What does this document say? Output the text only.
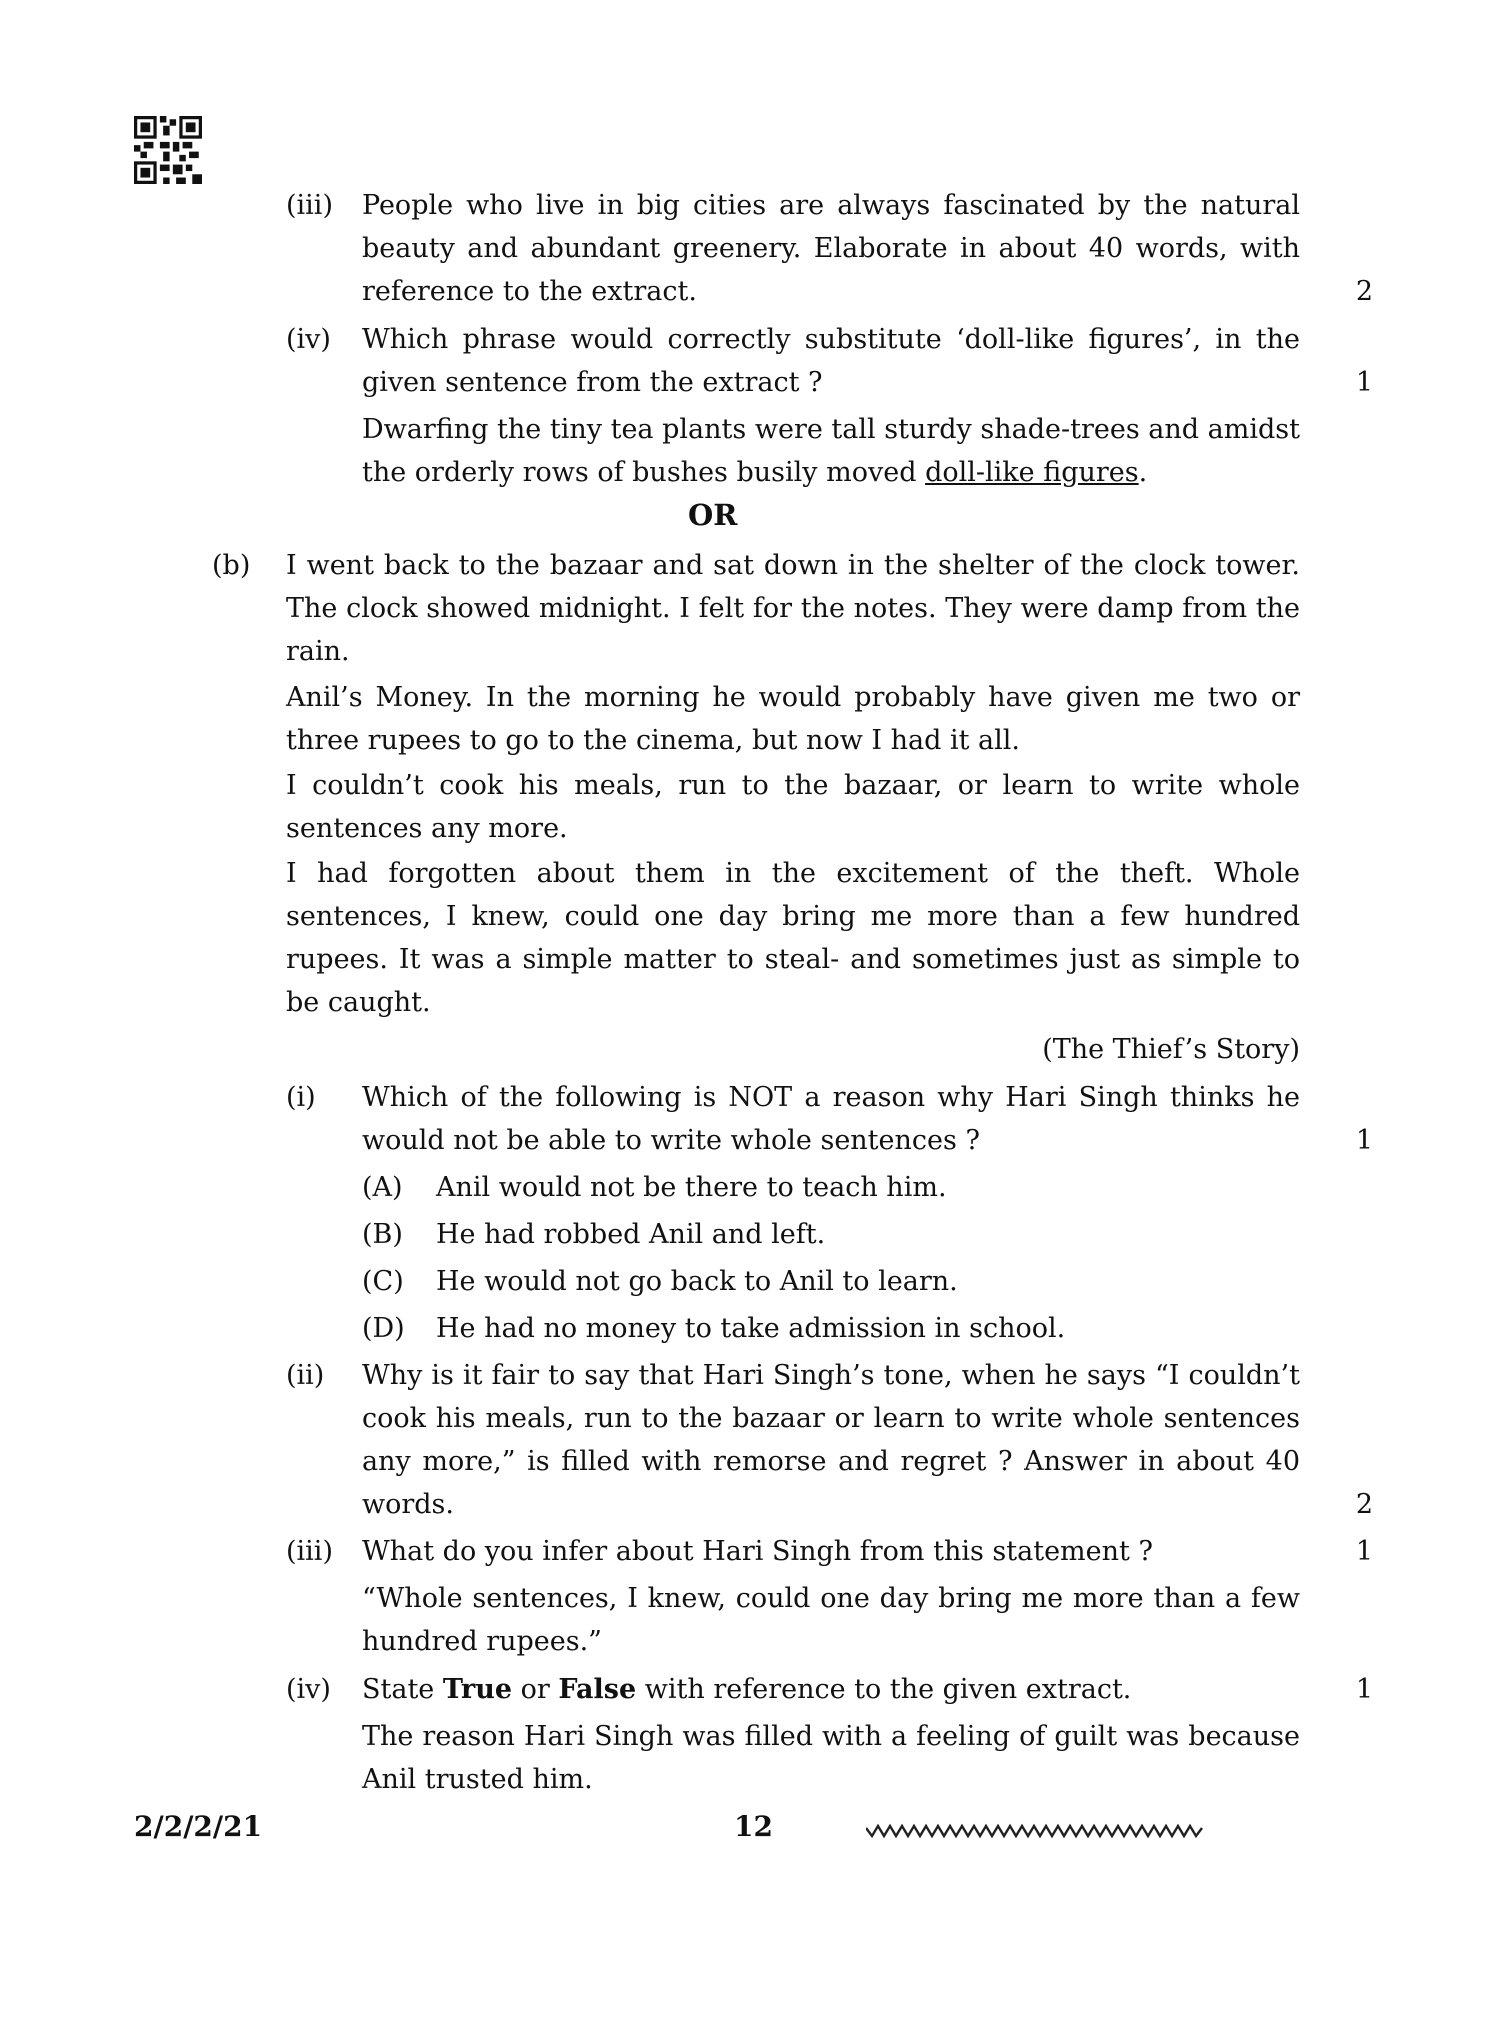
(iii) People who live in big cities are always fascinated by the natural beauty and abundant greenery. Elaborate in about 40 words, with reference to the extract.	2
(iv) Which phrase would correctly substitute ‘doll-like figures’, in the given sentence from the extract ?	1
Dwarfing the tiny tea plants were tall sturdy shade-trees and amidst the orderly rows of bushes busily moved doll-like figures.
OR
(b) I went back to the bazaar and sat down in the shelter of the clock tower. The clock showed midnight. I felt for the notes. They were damp from the rain.
Anil’s Money. In the morning he would probably have given me two or three rupees to go to the cinema, but now I had it all.
I couldn’t cook his meals, run to the bazaar, or learn to write whole sentences any more.
I had forgotten about them in the excitement of the theft. Whole sentences, I knew, could one day bring me more than a few hundred rupees. It was a simple matter to steal- and sometimes just as simple to be caught.
(The Thief’s Story)
(i) Which of the following is NOT a reason why Hari Singh thinks he would not be able to write whole sentences ?	1
(A) Anil would not be there to teach him.
(B) He had robbed Anil and left.
(C) He would not go back to Anil to learn.
(D) He had no money to take admission in school.
(ii) Why is it fair to say that Hari Singh’s tone, when he says “I couldn’t cook his meals, run to the bazaar or learn to write whole sentences any more,” is filled with remorse and regret ? Answer in about 40 words.	2
(iii) What do you infer about Hari Singh from this statement ?	1
“Whole sentences, I knew, could one day bring me more than a few hundred rupees.”
(iv) State True or False with reference to the given extract.	1
The reason Hari Singh was filled with a feeling of guilt was because Anil trusted him.
2/2/2/21	12
